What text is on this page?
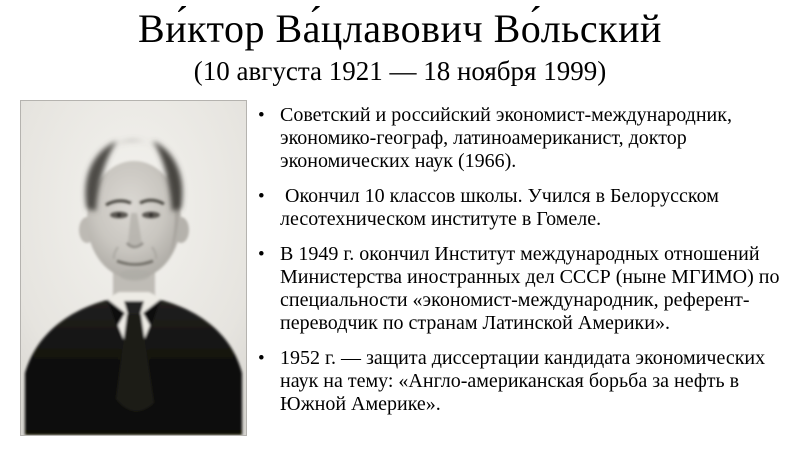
Ви́ктор Ва́цлавович Во́льский
(10 августа 1921 — 18 ноября 1999)
• Советский и российский экономист-международник, экономико-географ, латиноамериканист, доктор экономических наук (1966).
• Окончил 10 классов школы. Учился в Белорусском лесотехническом институте в Гомеле.
• В 1949 г. окончил Институт международных отношений Министерства иностранных дел СССР (ныне МГИМО) по специальности «экономист-международник, референт-переводчик по странам Латинской Америки».
• 1952 г. — защита диссертации кандидата экономических наук на тему: «Англо-американская борьба за нефть в Южной Америке».
